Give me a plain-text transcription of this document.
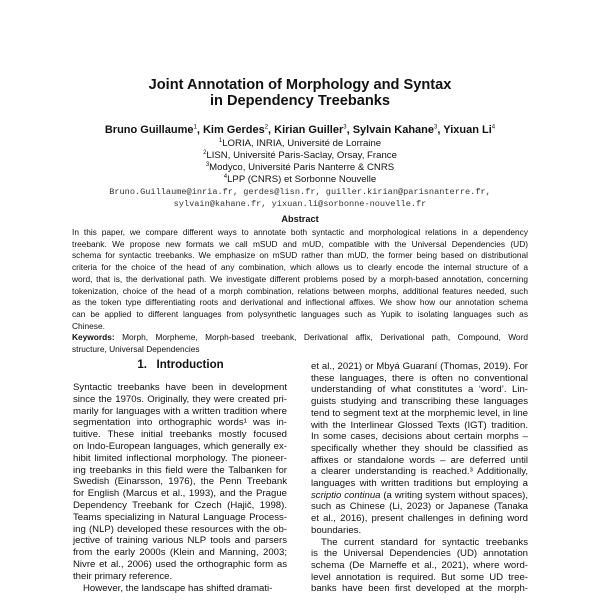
Joint Annotation of Morphology and Syntax
in Dependency Treebanks
Bruno Guillaume$^1$, Kim Gerdes$^2$, Kirian Guiller$^3$, Sylvain Kahane$^3$, Yixuan Li$^4$
$^1$LORIA, INRIA, Université de Lorraine
$^2$LISN, Université Paris-Saclay, Orsay, France
$^3$Modyco, Université Paris Nanterre & CNRS
$^4$LPP (CNRS) et Sorbonne Nouvelle
Bruno.Guillaume@inria.fr, gerdes@lisn.fr, guiller.kirian@parisnanterre.fr,
sylvain@kahane.fr, yixuan.li@sorbonne-nouvelle.fr
Abstract
In this paper, we compare different ways to annotate both syntactic and morphological relations in a dependency
treebank. We propose new formats we call mSUD and mUD, compatible with the Universal Dependencies (UD)
schema for syntactic treebanks. We emphasize on mSUD rather than mUD, the former being based on distributional
criteria for the choice of the head of any combination, which allows us to clearly encode the internal structure of a
word, that is, the derivational path. We investigate different problems posed by a morph-based annotation, concerning
tokenization, choice of the head of a morph combination, relations between morphs, additional features needed, such
as the token type differentiating roots and derivational and inflectional affixes. We show how our annotation schema
can be applied to different languages from polysynthetic languages such as Yupik to isolating languages such as
Chinese.
Keywords: Morph, Morpheme, Morph-based treebank, Derivational affix, Derivational path, Compound, Word
structure, Universal Dependencies
1. Introduction
Syntactic treebanks have been in development
since the 1970s. Originally, they were created pri-
marily for languages with a written tradition where
segmentation into orthographic words¹ was in-
tuitive. These initial treebanks mostly focused
on Indo-European languages, which generally ex-
hibit limited inflectional morphology. The pioneer-
ing treebanks in this field were the Talbanken for
Swedish (Einarsson, 1976), the Penn Treebank
for English (Marcus et al., 1993), and the Prague
Dependency Treebank for Czech (Hajič, 1998).
Teams specializing in Natural Language Process-
ing (NLP) developed these resources with the ob-
jective of training various NLP tools and parsers
from the early 2000s (Klein and Manning, 2003;
Nivre et al., 2006) used the orthographic form as
their primary reference.
However, the landscape has shifted dramati-
et al., 2021) or Mbyá Guaraní (Thomas, 2019). For
these languages, there is often no conventional
understanding of what constitutes a ‘word’. Lin-
guists studying and transcribing these languages
tend to segment text at the morphemic level, in line
with the Interlinear Glossed Texts (IGT) tradition.
In some cases, decisions about certain morphs –
specifically whether they should be classified as
affixes or standalone words – are deferred until
a clearer understanding is reached.³ Additionally,
languages with written traditions but employing a
scriptio continua (a writing system without spaces),
such as Chinese (Li, 2023) or Japanese (Tanaka
et al., 2016), present challenges in defining word
boundaries.
The current standard for syntactic treebanks
is the Universal Dependencies (UD) annotation
schema (De Marneffe et al., 2021), where word-
level annotation is required. But some UD tree-
banks have been first developed at the morph-
